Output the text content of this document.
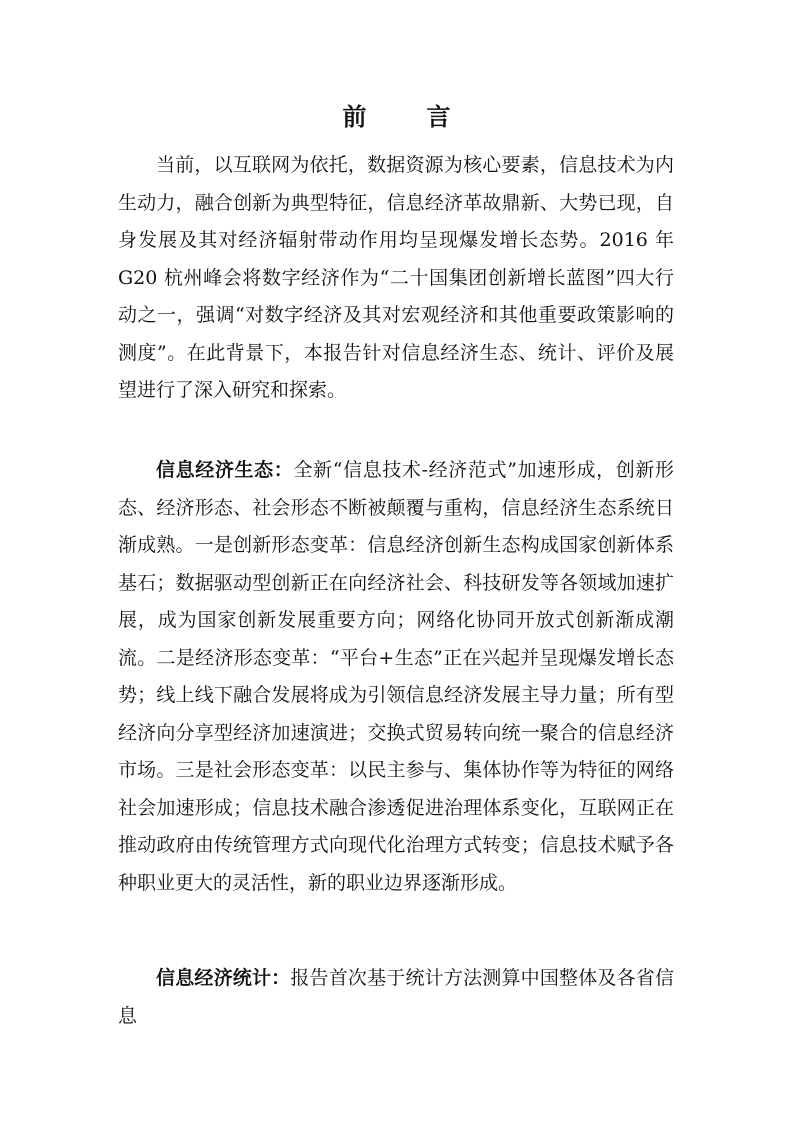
前　言

当前，以互联网为依托，数据资源为核心要素，信息技术为内生动力，融合创新为典型特征，信息经济革故鼎新、大势已现，自身发展及其对经济辐射带动作用均呈现爆发增长态势。2016 年 G20 杭州峰会将数字经济作为“二十国集团创新增长蓝图”四大行动之一，强调“对数字经济及其对宏观经济和其他重要政策影响的测度”。在此背景下，本报告针对信息经济生态、统计、评价及展望进行了深入研究和探索。

信息经济生态：全新“信息技术-经济范式”加速形成，创新形态、经济形态、社会形态不断被颠覆与重构，信息经济生态系统日渐成熟。一是创新形态变革：信息经济创新生态构成国家创新体系基石；数据驱动型创新正在向经济社会、科技研发等各领域加速扩展，成为国家创新发展重要方向；网络化协同开放式创新渐成潮流。二是经济形态变革：“平台+生态”正在兴起并呈现爆发增长态势；线上线下融合发展将成为引领信息经济发展主导力量；所有型经济向分享型经济加速演进；交换式贸易转向统一聚合的信息经济市场。三是社会形态变革：以民主参与、集体协作等为特征的网络社会加速形成；信息技术融合渗透促进治理体系变化，互联网正在推动政府由传统管理方式向现代化治理方式转变；信息技术赋予各种职业更大的灵活性，新的职业边界逐渐形成。

信息经济统计：报告首次基于统计方法测算中国整体及各省信息
